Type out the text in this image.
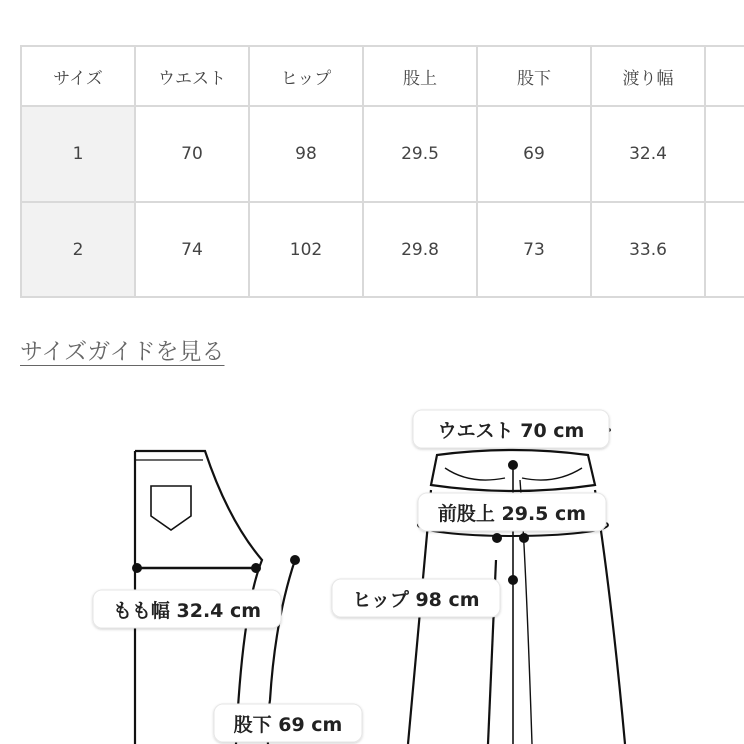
サイズ	ウエスト	ヒップ	股上	股下	渡り幅	
1	70	98	29.5	69	32.4	
2	74	102	29.8	73	33.6	
サイズガイドを見る
ウエスト 70 cm
前股上 29.5 cm
ヒップ 98 cm
もも幅 32.4 cm
股下 69 cm
